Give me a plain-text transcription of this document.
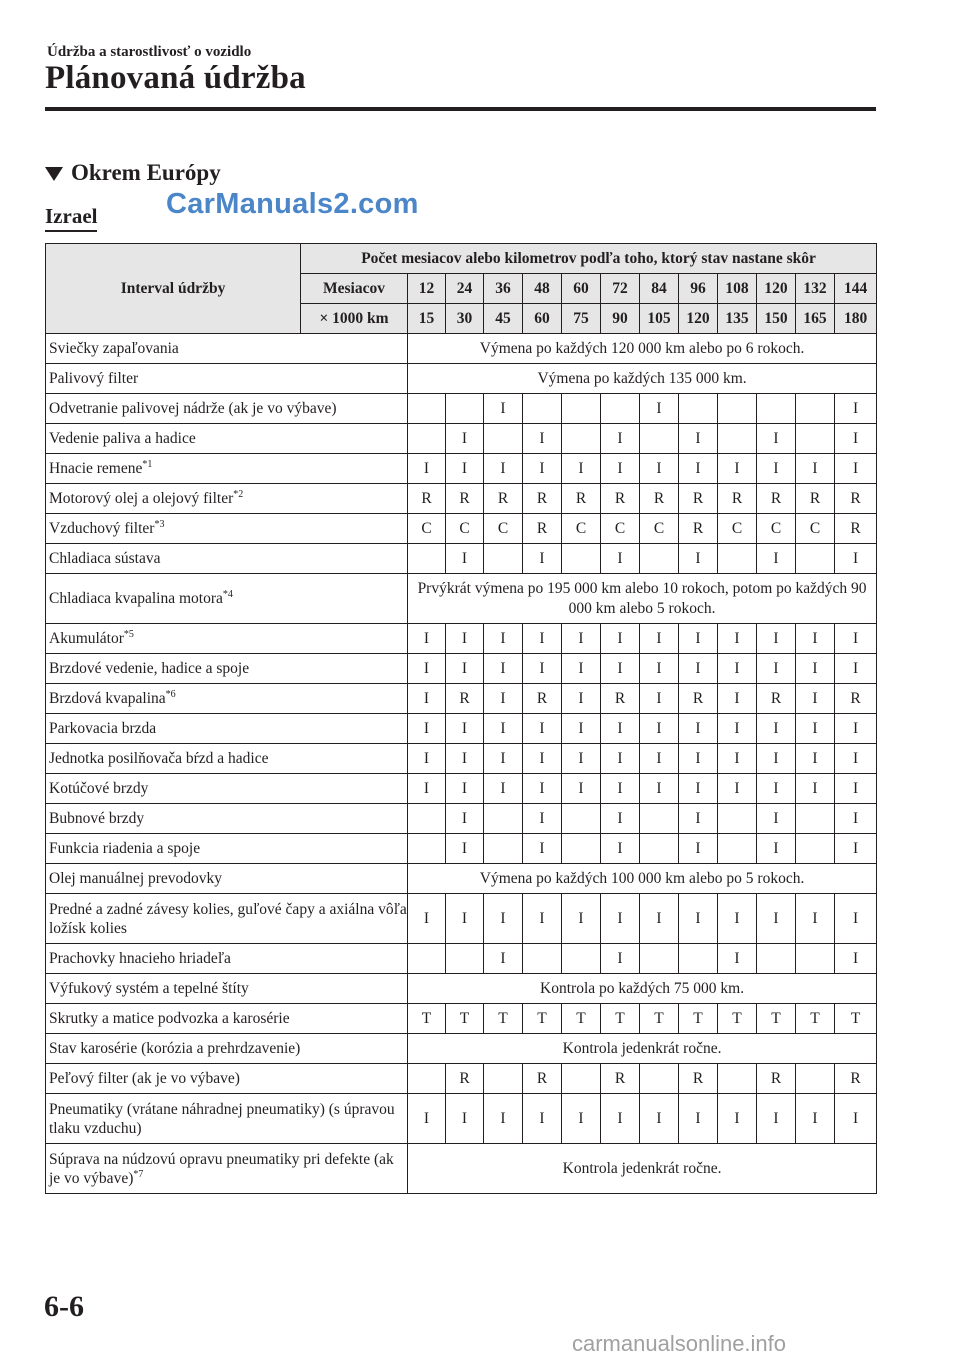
Údržba a starostlivosť o vozidlo
Plánovaná údržba
Okrem Európy
Izrael CarManuals2.com
Interval údržby	Počet mesiacov alebo kilometrov podľa toho, ktorý stav nastane skôr												
	Mesiacov	12	24	36	48	60	72	84	96	108	120	132	144
	× 1000 km	15	30	45	60	75	90	105	120	135	150	165	180
Sviečky zapaľovania		Výmena po každých 120 000 km alebo po 6 rokoch.											
Palivový filter		Výmena po každých 135 000 km.											
Odvetranie palivovej nádrže (ak je vo výbave)				I				I					I
Vedenie paliva a hadice			I		I		I		I		I		I
Hnacie remene$^{*1}$		I	I	I	I	I	I	I	I	I	I	I	I
Motorový olej a olejový filter$^{*2}$		R	R	R	R	R	R	R	R	R	R	R	R
Vzduchový filter$^{*3}$		C	C	C	R	C	C	C	R	C	C	C	R
Chladiaca sústava			I		I		I		I		I		I
Chladiaca kvapalina motora$^{*4}$		Prvýkrát výmena po 195 000 km alebo 10 rokoch, potom po každých 90 000 km alebo 5 rokoch.											
Akumulátor$^{*5}$		I	I	I	I	I	I	I	I	I	I	I	I
Brzdové vedenie, hadice a spoje		I	I	I	I	I	I	I	I	I	I	I	I
Brzdová kvapalina$^{*6}$		I	R	I	R	I	R	I	R	I	R	I	R
Parkovacia brzda		I	I	I	I	I	I	I	I	I	I	I	I
Jednotka posilňovača bŕzd a hadice		I	I	I	I	I	I	I	I	I	I	I	I
Kotúčové brzdy		I	I	I	I	I	I	I	I	I	I	I	I
Bubnové brzdy			I		I		I		I		I		I
Funkcia riadenia a spoje			I		I		I		I		I		I
Olej manuálnej prevodovky		Výmena po každých 100 000 km alebo po 5 rokoch.											
Predné a zadné závesy kolies, guľové čapy a axiálna vôľa ložísk kolies		I	I	I	I	I	I	I	I	I	I	I	I
Prachovky hnacieho hriadeľa				I			I			I			I
Výfukový systém a tepelné štíty		Kontrola po každých 75 000 km.											
Skrutky a matice podvozka a karosérie		T	T	T	T	T	T	T	T	T	T	T	T
Stav karosérie (korózia a prehrdzavenie)		Kontrola jedenkrát ročne.											
Peľový filter (ak je vo výbave)			R		R		R		R		R		R
Pneumatiky (vrátane náhradnej pneumatiky) (s úpravou tlaku vzduchu)		I	I	I	I	I	I	I	I	I	I	I	I
Súprava na núdzovú opravu pneumatiky pri defekte (ak je vo výbave)$^{*7}$		Kontrola jedenkrát ročne.											
6-6
carmanualsonline.info
